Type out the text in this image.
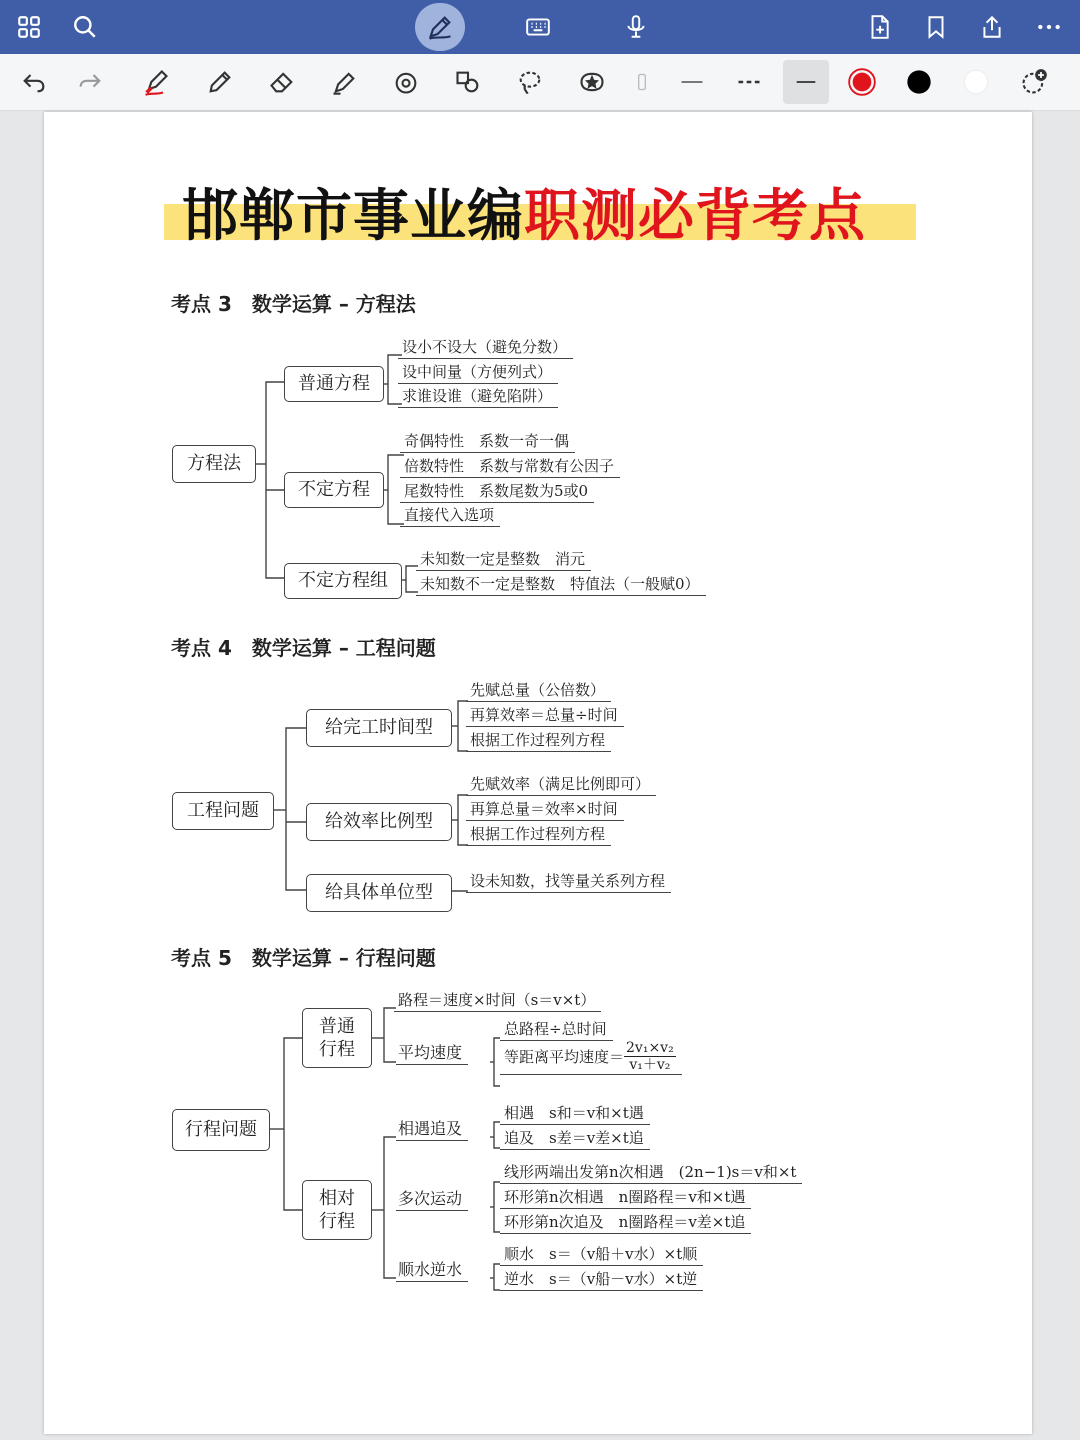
邯郸市事业编职测必背考点
考点 3　数学运算 – 方程法
方程法
普通方程
不定方程
不定方程组
设小不设大（避免分数）
设中间量（方便列式）
求谁设谁（避免陷阱）
奇偶特性　系数一奇一偶
倍数特性　系数与常数有公因子
尾数特性　系数尾数为5或0
直接代入选项
未知数一定是整数　消元
未知数不一定是整数　特值法（一般赋0）
考点 4　数学运算 – 工程问题
工程问题
给完工时间型
给效率比例型
给具体单位型
先赋总量（公倍数）
再算效率＝总量÷时间
根据工作过程列方程
先赋效率（满足比例即可）
再算总量＝效率×时间
根据工作过程列方程
设未知数，找等量关系列方程
考点 5　数学运算 – 行程问题
行程问题
普通
行程
相对
行程
路程＝速度×时间（s＝v×t）
平均速度
总路程÷总时间
等距离平均速度＝ $\frac{\text{2v₁×v₂}}{\text{v₁＋v₂}}$
相遇追及
相遇　s和＝v和×t遇
追及　s差＝v差×t追
多次运动
线形两端出发第n次相遇　(2n−1)s＝v和×t
环形第n次相遇　n圈路程＝v和×t遇
环形第n次追及　n圈路程＝v差×t追
顺水逆水
顺水　s＝（v船＋v水）×t顺
逆水　s＝（v船－v水）×t逆
